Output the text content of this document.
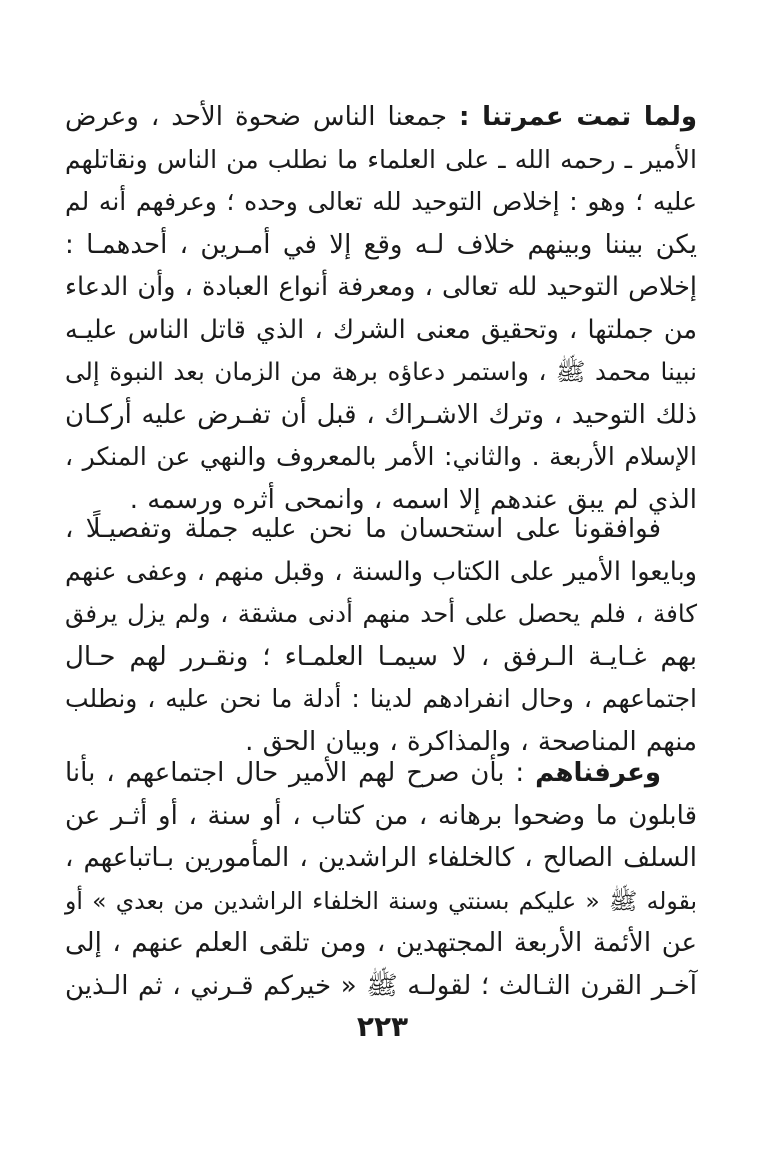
ولما تمت عمرتنا : جمعنا الناس ضحوة الأحد ، وعرض
الأمير ـ رحمه الله ـ على العلماء ما نطلب من الناس ونقاتلهم
عليه ؛ وهو : إخلاص التوحيد لله تعالى وحده ؛ وعرفهم أنه لم
يكن بيننا وبينهم خلاف لـه وقع إلا في أمـرين ، أحدهمـا :
إخلاص التوحيد لله تعالى ، ومعرفة أنواع العبادة ، وأن الدعاء
من جملتها ، وتحقيق معنى الشرك ، الذي قاتل الناس عليـه
نبينا محمد ﷺ ، واستمر دعاؤه برهة من الزمان بعد النبوة إلى
ذلك التوحيد ، وترك الاشـراك ، قبل أن تفـرض عليه أركـان
الإسلام الأربعة . والثاني: الأمر بالمعروف والنهي عن المنكر ،
الذي لم يبق عندهم إلا اسمه ، وانمحى أثره ورسمه .
فوافقونا على استحسان ما نحن عليه جملة وتفصيـلًا ،
وبايعوا الأمير على الكتاب والسنة ، وقبل منهم ، وعفى عنهم
كافة ، فلم يحصل على أحد منهم أدنى مشقة ، ولم يزل يرفق
بهم غـايـة الـرفق ، لا سيمـا العلمـاء ؛ ونقـرر لهم حـال
اجتماعهم ، وحال انفرادهم لدينا : أدلة ما نحن عليه ، ونطلب
منهم المناصحة ، والمذاكرة ، وبيان الحق .
وعرفناهم : بأن صرح لهم الأمير حال اجتماعهم ، بأنا
قابلون ما وضحوا برهانه ، من كتاب ، أو سنة ، أو أثـر عن
السلف الصالح ، كالخلفاء الراشدين ، المأمورين بـاتباعهم ،
بقوله ﷺ « عليكم بسنتي وسنة الخلفاء الراشدين من بعدي » أو
عن الأئمة الأربعة المجتهدين ، ومن تلقى العلم عنهم ، إلى
آخـر القرن الثـالث ؛ لقولـه ﷺ « خيركم قـرني ، ثم الـذين
٢٢٣
